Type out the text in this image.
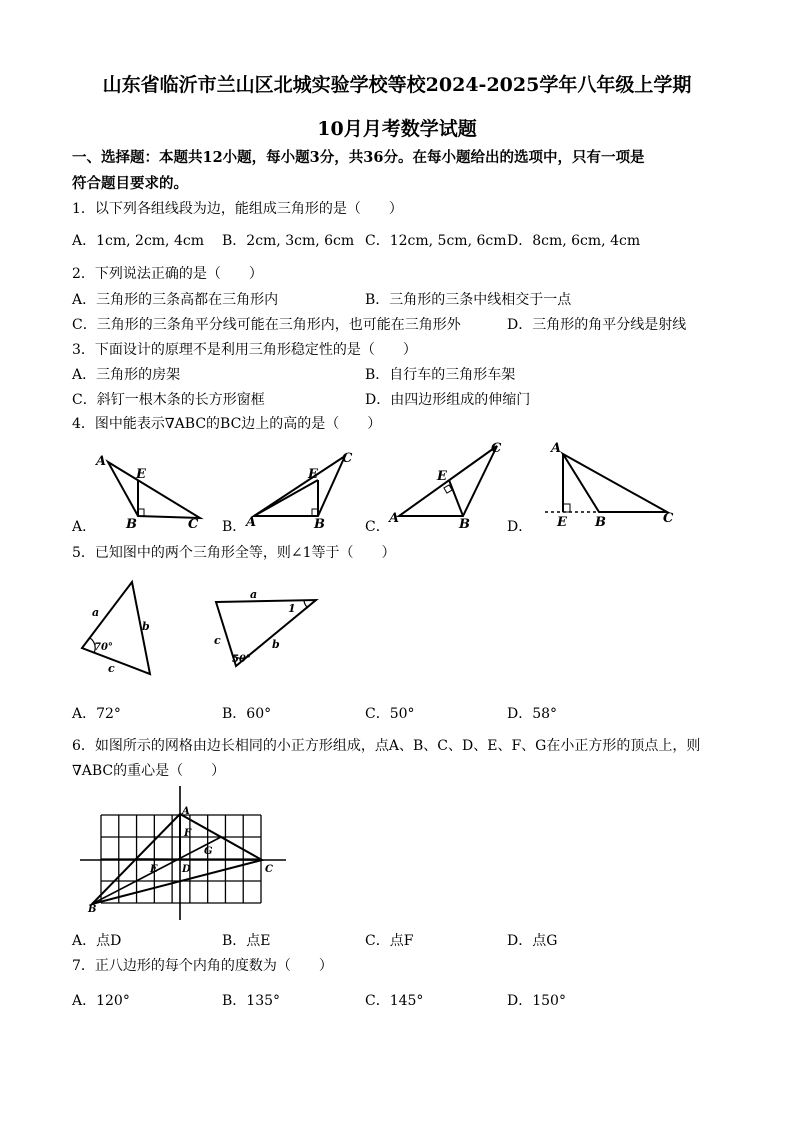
山东省临沂市兰山区北城实验学校等校2024-2025学年八年级上学期
10月月考数学试题
一、选择题：本题共12小题，每小题3分，共36分。在每小题给出的选项中，只有一项是
符合题目要求的。
1．以下列各组线段为边，能组成三角形的是（　　）
A．1cm, 2cm, 4cm B．2cm, 3cm, 6cm C．12cm, 5cm, 6cm D．8cm, 6cm, 4cm
2．下列说法正确的是（　　）
A．三角形的三条高都在三角形内	B．三角形的三条中线相交于一点
C．三角形的三条角平分线可能在三角形内，也可能在三角形外	D．三角形的角平分线是射线
3．下面设计的原理不是利用三角形稳定性的是（　　）
A．三角形的房架	B．自行车的三角形车架
C．斜钉一根木条的长方形窗框	D．由四边形组成的伸缩门
4．图中能表示∇ABC的BC边上的高的是（　　）
A
E
B	C
A．
E
C
A	B
B．
C
E
A	B
C．
A
E B	C
D．
5．已知图中的两个三角形全等，则∠1等于（　　）
a
b
c
70°
a
1
c	b
50°
A．72°	B．60°	C．50°	D．58°
6．如图所示的网格由边长相同的小正方形组成，点A、B、C、D、E、F、G在小正方形的顶点上，则
∇ABC的重心是（　　）
A
F
G
E D	C
B
A．点D	B．点E	C．点F	D．点G
7．正八边形的每个内角的度数为（　　）
A．120°	B．135°	C．145°	D．150°
